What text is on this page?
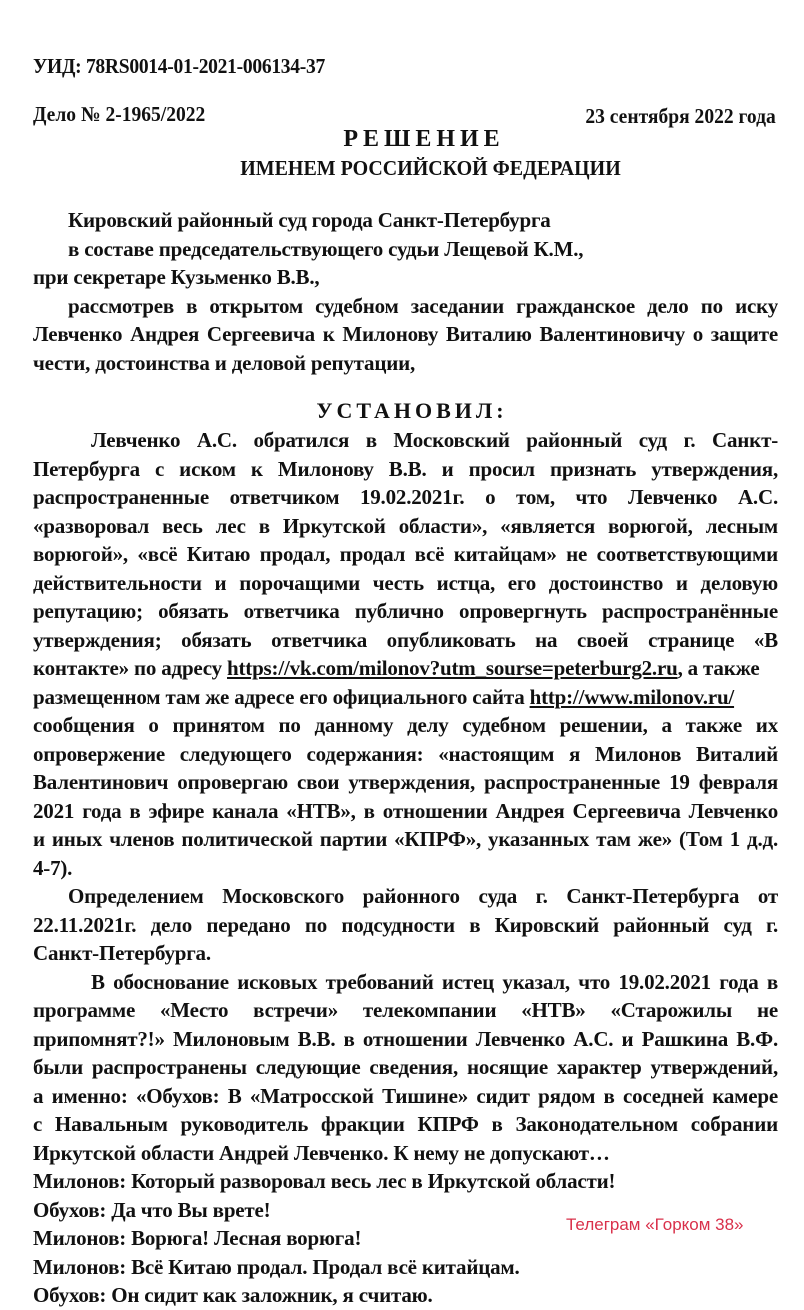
УИД: 78RS0014-01-2021-006134-37
Дело № 2-1965/2022	23 сентября 2022 года
РЕШЕНИЕ
ИМЕНЕМ РОССИЙСКОЙ ФЕДЕРАЦИИ
Кировский районный суд города Санкт-Петербурга
в составе председательствующего судьи Лещевой К.М.,
при секретаре Кузьменко В.В.,
рассмотрев в открытом судебном заседании гражданское дело по иску
Левченко Андрея Сергеевича к Милонову Виталию Валентиновичу о защите
чести, достоинства и деловой репутации,
УСТАНОВИЛ:
Левченко А.С. обратился в Московский районный суд г. Санкт-
Петербурга с иском к Милонову В.В. и просил признать утверждения,
распространенные ответчиком 19.02.2021г. о том, что Левченко А.С.
«разворовал весь лес в Иркутской области», «является ворюгой, лесным
ворюгой», «всё Китаю продал, продал всё китайцам» не соответствующими
действительности и порочащими честь истца, его достоинство и деловую
репутацию; обязать ответчика публично опровергнуть распространённые
утверждения; обязать ответчика опубликовать на своей странице «В
контакте» по адресу https://vk.com/milonov?utm_sourse=peterburg2.ru, а также
размещенном там же адресе его официального сайта http://www.milonov.ru/
сообщения о принятом по данному делу судебном решении, а также их
опровержение следующего содержания: «настоящим я Милонов Виталий
Валентинович опровергаю свои утверждения, распространенные 19 февраля
2021 года в эфире канала «НТВ», в отношении Андрея Сергеевича Левченко
и иных членов политической партии «КПРФ», указанных там же» (Том 1 д.д.
4-7).
Определением Московского районного суда г. Санкт-Петербурга от
22.11.2021г. дело передано по подсудности в Кировский районный суд г.
Санкт-Петербурга.
В обоснование исковых требований истец указал, что 19.02.2021 года в
программе «Место встречи» телекомпании «НТВ» «Старожилы не
припомнят?!» Милоновым В.В. в отношении Левченко А.С. и Рашкина В.Ф.
были распространены следующие сведения, носящие характер утверждений,
а именно: «Обухов: В «Матросской Тишине» сидит рядом в соседней камере
с Навальным руководитель фракции КПРФ в Законодательном собрании
Иркутской области Андрей Левченко. К нему не допускают…
Милонов: Который разворовал весь лес в Иркутской области!
Обухов: Да что Вы врете!
Милонов: Ворюга! Лесная ворюга!
Милонов: Всё Китаю продал. Продал всё китайцам.
Обухов: Он сидит как заложник, я считаю.
Телеграм «Горком 38»
